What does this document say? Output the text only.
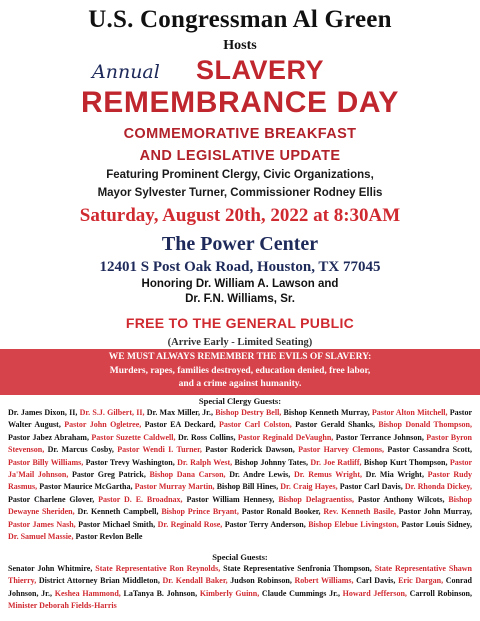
U.S. Congressman Al Green
Hosts
Annual SLAVERY
REMEMBRANCE DAY
COMMEMORATIVE BREAKFAST
AND LEGISLATIVE UPDATE
Featuring Prominent Clergy, Civic Organizations,
Mayor Sylvester Turner, Commissioner Rodney Ellis
Saturday, August 20th, 2022 at 8:30AM
The Power Center
12401 S Post Oak Road, Houston, TX 77045
Honoring Dr. William A. Lawson and
Dr. F.N. Williams, Sr.
FREE TO THE GENERAL PUBLIC
(Arrive Early - Limited Seating)
WE MUST ALWAYS REMEMBER THE EVILS OF SLAVERY:
Murders, rapes, families destroyed, education denied, free labor,
and a crime against humanity.
Special Clergy Guests:
Dr. James Dixon, II, Dr. S.J. Gilbert, II, Dr. Max Miller, Jr., Bishop Destry Bell, Bishop Kenneth Murray, Pastor Alton Mitchell, Pastor Walter August, Pastor John Ogletree, Pastor EA Deckard, Pastor Carl Colston, Pastor Gerald Shanks, Bishop Donald Thompson, Pastor Jabez Abraham, Pastor Suzette Caldwell, Dr. Ross Collins, Pastor Reginald DeVaughn, Pastor Terrance Johnson, Pastor Byron Stevenson, Dr. Marcus Cosby, Pastor Wendi I. Turner, Pastor Roderick Dawson, Pastor Harvey Clemons, Pastor Cassandra Scott, Pastor Billy Williams, Pastor Trevy Washington, Dr. Ralph West, Bishop Johnny Tates, Dr. Joe Ratliff, Bishop Kurt Thompson, Pastor Ja'Mail Johnson, Pastor Greg Patrick, Bishop Dana Carson, Dr. Andre Lewis, Dr. Remus Wright, Dr. Mia Wright, Pastor Rudy Rasmus, Pastor Maurice McGartha, Pastor Murray Martin, Bishop Bill Hines, Dr. Craig Hayes, Pastor Carl Davis, Dr. Rhonda Dickey, Pastor Charlene Glover, Pastor D. E. Broadnax, Pastor William Hennesy, Bishop Delagraentiss, Pastor Anthony Wilcots, Bishop Dewayne Sheriden, Dr. Kenneth Campbell, Bishop Prince Bryant, Pastor Ronald Booker, Rev. Kenneth Basile, Pastor John Murray, Pastor James Nash, Pastor Michael Smith, Dr. Reginald Rose, Pastor Terry Anderson, Bishop Elebue Livingston, Pastor Louis Sidney, Dr. Samuel Massie, Pastor Revlon Belle
Special Guests:
Senator John Whitmire, State Representative Ron Reynolds, State Representative Senfronia Thompson, State Representative Shawn Thierry, District Attorney Brian Middleton, Dr. Kendall Baker, Judson Robinson, Robert Williams, Carl Davis, Eric Dargan, Conrad Johnson, Jr., Keshea Hammond, LaTanya B. Johnson, Kimberly Guinn, Claude Cummings Jr., Howard Jefferson, Carroll Robinson, Minister Deborah Fields-Harris
